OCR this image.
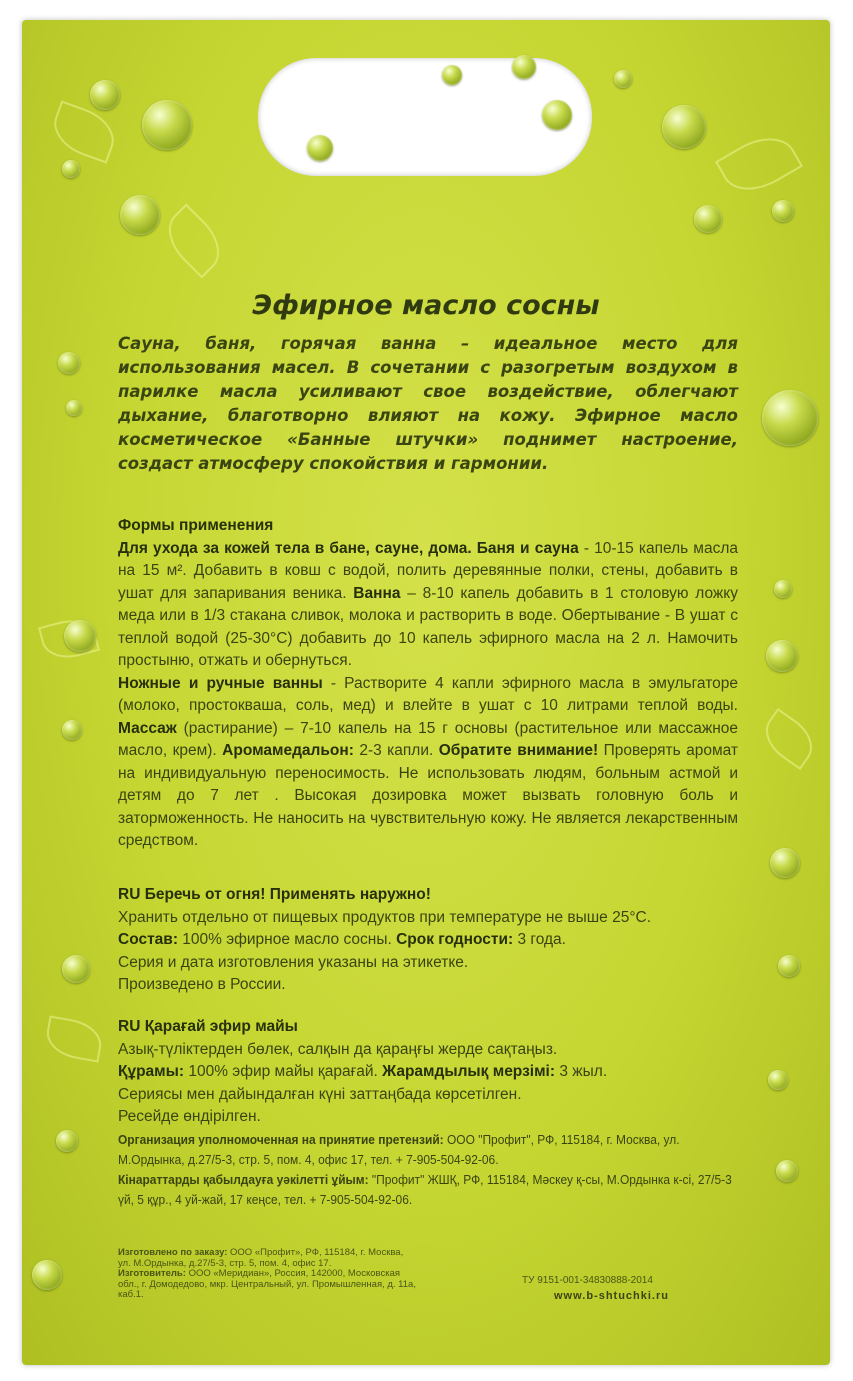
Эфирное масло сосны
Сауна, баня, горячая ванна – идеальное место для использования масел. В сочетании с разогретым воздухом в парилке масла усиливают свое воздействие, облегчают дыхание, благотворно влияют на кожу. Эфирное масло косметическое «Банные штучки» поднимет настроение, создаст атмосферу спокойствия и гармонии.
Формы применения
Для ухода за кожей тела в бане, сауне, дома. Баня и сауна - 10-15 капель масла на 15 м². Добавить в ковш с водой, полить деревянные полки, стены, добавить в ушат для запаривания веника. Ванна – 8-10 капель добавить в 1 столовую ложку меда или в 1/3 стакана сливок, молока и растворить в воде. Обертывание - В ушат с теплой водой (25-30°С) добавить до 10 капель эфирного масла на 2 л. Намочить простыню, отжать и обернуться.
Ножные и ручные ванны - Растворите 4 капли эфирного масла в эмульгаторе (молоко, простокваша, соль, мед) и влейте в ушат с 10 литрами теплой воды. Массаж (растирание) – 7-10 капель на 15 г основы (растительное или массажное масло, крем). Аромамедальон: 2-3 капли. Обратите внимание! Проверять аромат на индивидуальную переносимость. Не использовать людям, больным астмой и детям до 7 лет . Высокая дозировка может вызвать головную боль и заторможенность. Не наносить на чувствительную кожу. Не является лекарственным средством.
RU Беречь от огня! Применять наружно!
Хранить отдельно от пищевых продуктов при температуре не выше 25°С.
Состав: 100% эфирное масло сосны. Срок годности: 3 года.
Серия и дата изготовления указаны на этикетке.
Произведено в России.
RU Қарағай эфир майы
Азық-түліктерден бөлек, салқын да қараңғы жерде сақтаңыз.
Құрамы: 100% эфир майы қарағай. Жарамдылық мерзімі: 3 жыл.
Сериясы мен дайындалған күні заттаңбада көрсетілген.
Ресейде өндірілген.
Организация уполномоченная на принятие претензий: ООО "Профит", РФ, 115184, г. Москва, ул. М.Ордынка, д.27/5-3, стр. 5, пом. 4, офис 17, тел. + 7-905-504-92-06.
Кінараттарды қабылдауға уәкілетті ұйым: "Профит" ЖШҚ, РФ, 115184, Мәскеу қ-сы, М.Ордынка к-сі, 27/5-3 үй, 5 құр., 4 уй-жай, 17 кеңсе, тел. + 7-905-504-92-06.
Изготовлено по заказу: ООО «Профит», РФ, 115184, г. Москва, ул. М.Ордынка, д.27/5-3, стр. 5, пом. 4, офис 17.
Изготовитель: ООО «Меридиан», Россия, 142000, Московская обл., г. Домодедово, мкр. Центральный, ул. Промышленная, д. 11а, каб.1.
ТУ 9151-001-34830888-2014
www.b-shtuchki.ru
